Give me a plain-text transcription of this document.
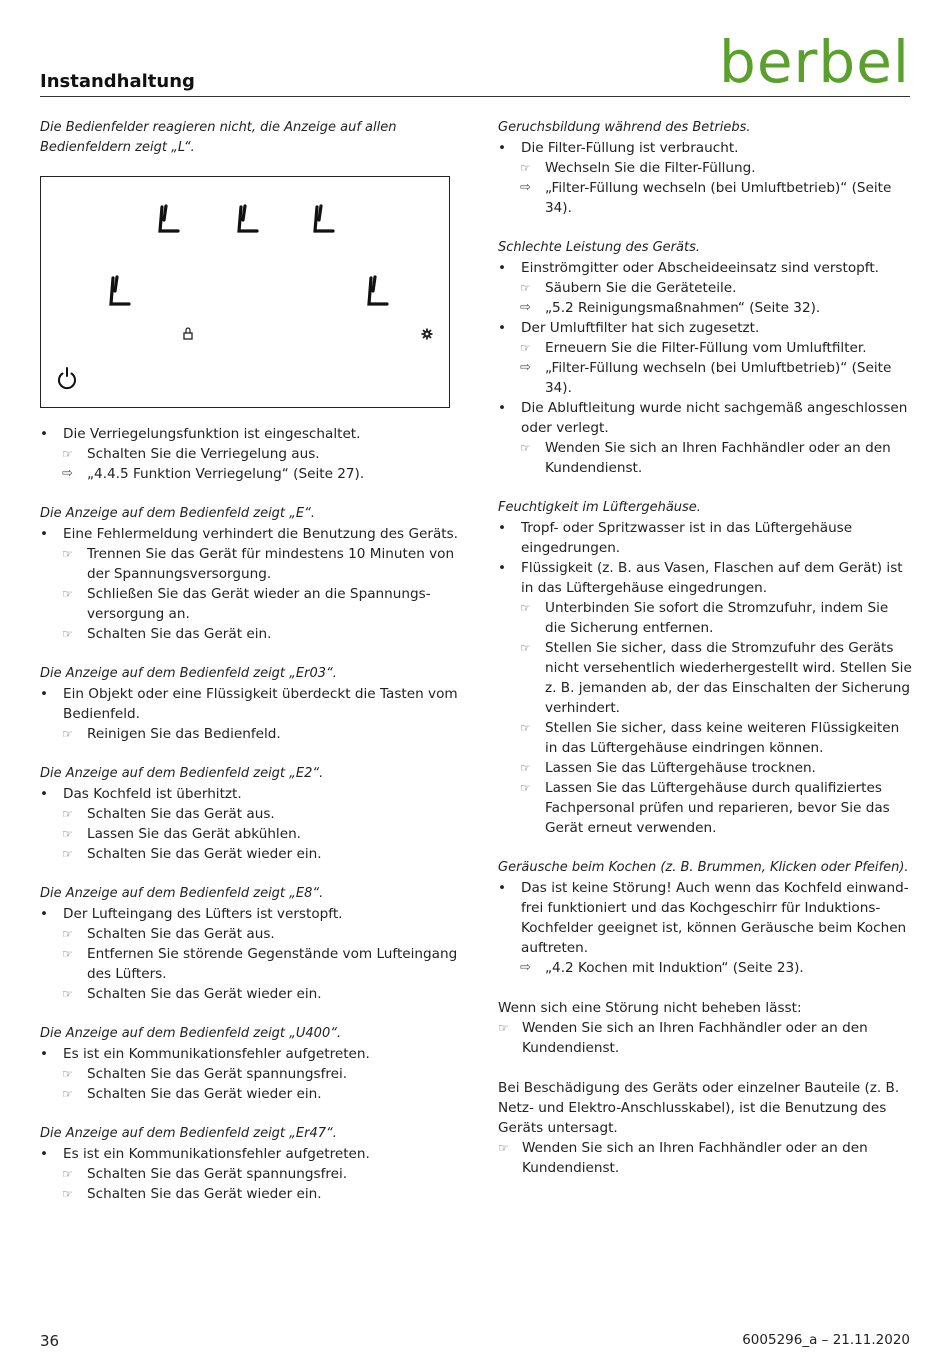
Instandhaltung	berbel
Die Bedienfelder reagieren nicht, die Anzeige auf allen Bedienfeldern zeigt „L“.
• Die Verriegelungsfunktion ist eingeschaltet.
☞ Schalten Sie die Verriegelung aus.
⇨ „4.4.5 Funktion Verriegelung“ (Seite 27).
Die Anzeige auf dem Bedienfeld zeigt „E“.
• Eine Fehlermeldung verhindert die Benutzung des Geräts.
☞ Trennen Sie das Gerät für mindestens 10 Minuten von der Spannungsversorgung.
☞ Schließen Sie das Gerät wieder an die Spannungs-versorgung an.
☞ Schalten Sie das Gerät ein.
Die Anzeige auf dem Bedienfeld zeigt „Er03“.
• Ein Objekt oder eine Flüssigkeit überdeckt die Tasten vom Bedienfeld.
☞ Reinigen Sie das Bedienfeld.
Die Anzeige auf dem Bedienfeld zeigt „E2“.
• Das Kochfeld ist überhitzt.
☞ Schalten Sie das Gerät aus.
☞ Lassen Sie das Gerät abkühlen.
☞ Schalten Sie das Gerät wieder ein.
Die Anzeige auf dem Bedienfeld zeigt „E8“.
• Der Lufteingang des Lüfters ist verstopft.
☞ Schalten Sie das Gerät aus.
☞ Entfernen Sie störende Gegenstände vom Lufteingang des Lüfters.
☞ Schalten Sie das Gerät wieder ein.
Die Anzeige auf dem Bedienfeld zeigt „U400“.
• Es ist ein Kommunikationsfehler aufgetreten.
☞ Schalten Sie das Gerät spannungsfrei.
☞ Schalten Sie das Gerät wieder ein.
Die Anzeige auf dem Bedienfeld zeigt „Er47“.
• Es ist ein Kommunikationsfehler aufgetreten.
☞ Schalten Sie das Gerät spannungsfrei.
☞ Schalten Sie das Gerät wieder ein.
Geruchsbildung während des Betriebs.
• Die Filter-Füllung ist verbraucht.
☞ Wechseln Sie die Filter-Füllung.
⇨ „Filter-Füllung wechseln (bei Umluftbetrieb)“ (Seite 34).
Schlechte Leistung des Geräts.
• Einströmgitter oder Abscheideeinsatz sind verstopft.
☞ Säubern Sie die Geräteteile.
⇨ „5.2 Reinigungsmaßnahmen“ (Seite 32).
• Der Umluftfilter hat sich zugesetzt.
☞ Erneuern Sie die Filter-Füllung vom Umluftfilter.
⇨ „Filter-Füllung wechseln (bei Umluftbetrieb)“ (Seite 34).
• Die Abluftleitung wurde nicht sachgemäß angeschlossen oder verlegt.
☞ Wenden Sie sich an Ihren Fachhändler oder an den Kundendienst.
Feuchtigkeit im Lüftergehäuse.
• Tropf- oder Spritzwasser ist in das Lüftergehäuse eingedrungen.
• Flüssigkeit (z. B. aus Vasen, Flaschen auf dem Gerät) ist in das Lüftergehäuse eingedrungen.
☞ Unterbinden Sie sofort die Stromzufuhr, indem Sie die Sicherung entfernen.
☞ Stellen Sie sicher, dass die Stromzufuhr des Geräts nicht versehentlich wiederhergestellt wird. Stellen Sie z. B. jemanden ab, der das Einschalten der Sicherung verhindert.
☞ Stellen Sie sicher, dass keine weiteren Flüssigkeiten in das Lüftergehäuse eindringen können.
☞ Lassen Sie das Lüftergehäuse trocknen.
☞ Lassen Sie das Lüftergehäuse durch qualifiziertes Fachpersonal prüfen und reparieren, bevor Sie das Gerät erneut verwenden.
Geräusche beim Kochen (z. B. Brummen, Klicken oder Pfeifen).
• Das ist keine Störung! Auch wenn das Kochfeld einwand-frei funktioniert und das Kochgeschirr für Induktions-Kochfelder geeignet ist, können Geräusche beim Kochen auftreten.
⇨ „4.2 Kochen mit Induktion“ (Seite 23).
Wenn sich eine Störung nicht beheben lässt:
☞ Wenden Sie sich an Ihren Fachhändler oder an den Kundendienst.
Bei Beschädigung des Geräts oder einzelner Bauteile (z. B. Netz- und Elektro-Anschlusskabel), ist die Benutzung des Geräts untersagt.
☞ Wenden Sie sich an Ihren Fachhändler oder an den Kundendienst.
36	6005296_a – 21.11.2020
